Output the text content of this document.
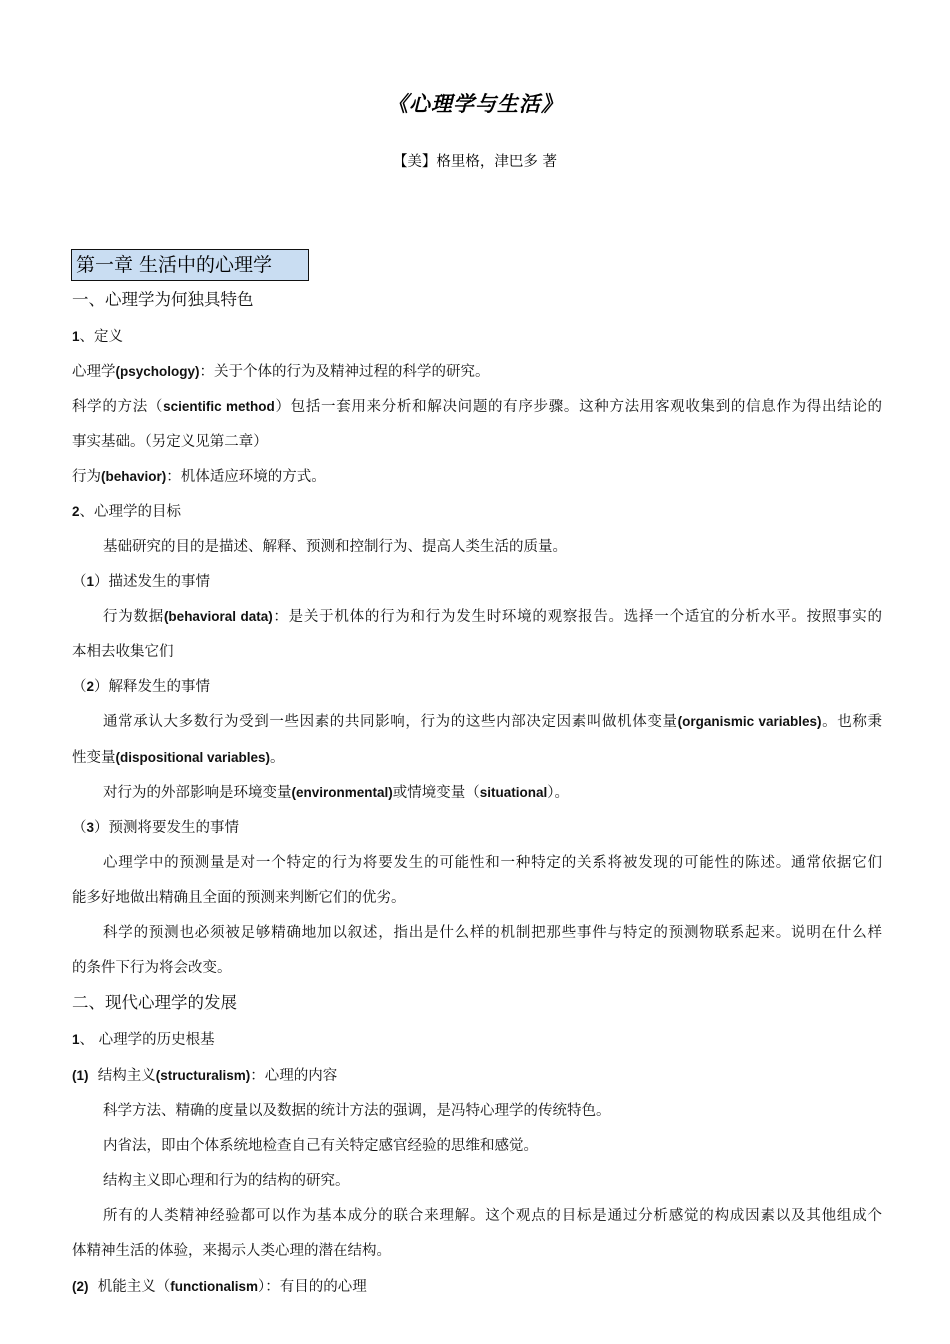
《心理学与生活》
【美】格里格，津巴多 著
第一章 生活中的心理学
一、心理学为何独具特色
1、定义
心理学(psychology)：关于个体的行为及精神过程的科学的研究。
科学的方法（scientific method）包括一套用来分析和解决问题的有序步骤。这种方法用客观收集到的信息作为得出结论的
事实基础。（另定义见第二章）
行为(behavior)：机体适应环境的方式。
2、心理学的目标
基础研究的目的是描述、解释、预测和控制行为、提高人类生活的质量。
（1）描述发生的事情
行为数据(behavioral data)：是关于机体的行为和行为发生时环境的观察报告。选择一个适宜的分析水平。按照事实的
本相去收集它们
（2）解释发生的事情
通常承认大多数行为受到一些因素的共同影响，行为的这些内部决定因素叫做机体变量(organismic variables)。也称秉
性变量(dispositional variables)。
对行为的外部影响是环境变量(environmental)或情境变量（situational）。
（3）预测将要发生的事情
心理学中的预测量是对一个特定的行为将要发生的可能性和一种特定的关系将被发现的可能性的陈述。通常依据它们
能多好地做出精确且全面的预测来判断它们的优劣。
科学的预测也必须被足够精确地加以叙述，指出是什么样的机制把那些事件与特定的预测物联系起来。说明在什么样
的条件下行为将会改变。
二、现代心理学的发展
1、 心理学的历史根基
(1) 结构主义(structuralism)：心理的内容
科学方法、精确的度量以及数据的统计方法的强调，是冯特心理学的传统特色。
内省法，即由个体系统地检查自己有关特定感官经验的思维和感觉。
结构主义即心理和行为的结构的研究。
所有的人类精神经验都可以作为基本成分的联合来理解。这个观点的目标是通过分析感觉的构成因素以及其他组成个
体精神生活的体验，来揭示人类心理的潜在结构。
(2) 机能主义（functionalism）：有目的的心理
